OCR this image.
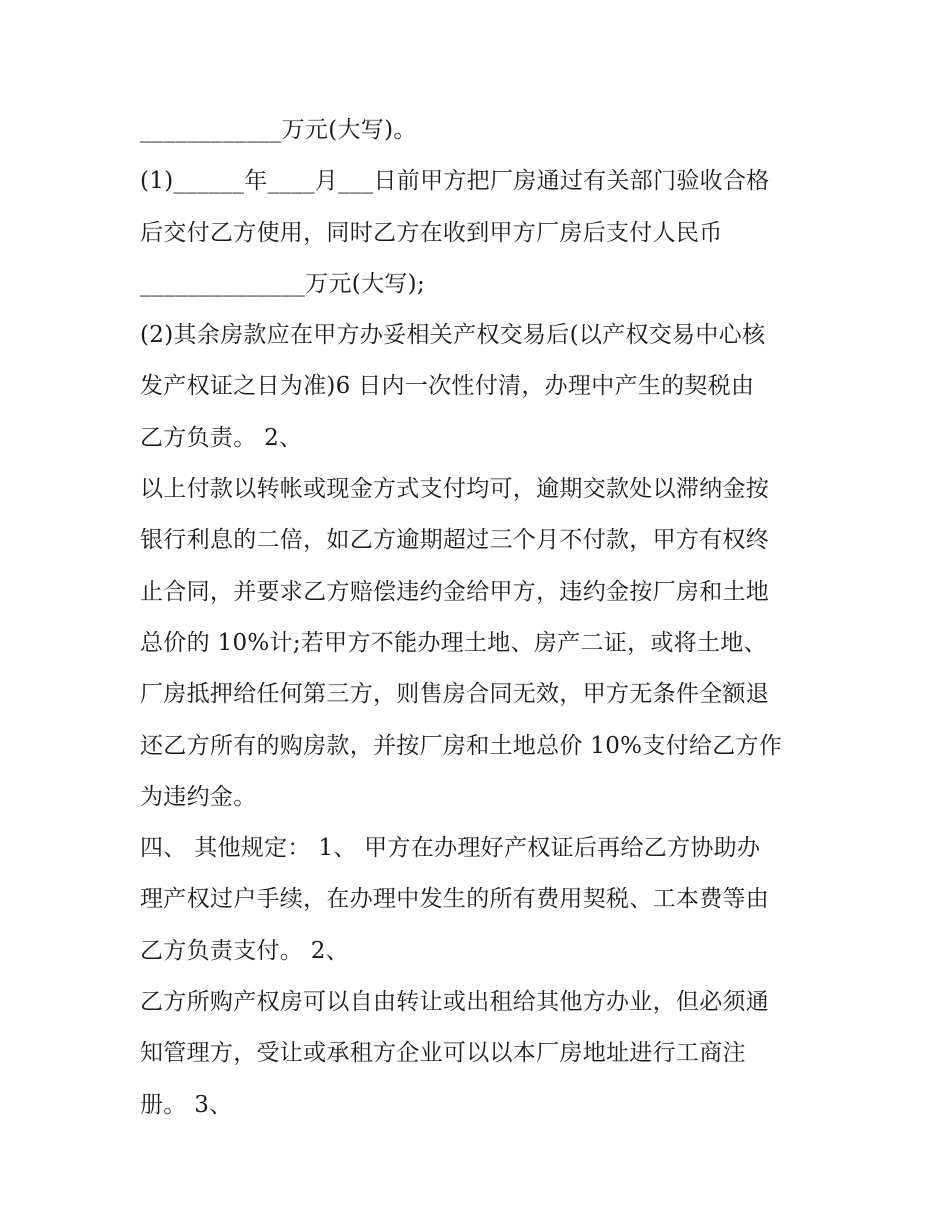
____________万元(大写)。
(1)______年____月___日前甲方把厂房通过有关部门验收合格
后交付乙方使用，同时乙方在收到甲方厂房后支付人民币
______________万元(大写);
(2)其余房款应在甲方办妥相关产权交易后(以产权交易中心核
发产权证之日为准)6 日内一次性付清，办理中产生的契税由
乙方负责。 2、
以上付款以转帐或现金方式支付均可，逾期交款处以滞纳金按
银行利息的二倍，如乙方逾期超过三个月不付款，甲方有权终
止合同，并要求乙方赔偿违约金给甲方，违约金按厂房和土地
总价的 10%计;若甲方不能办理土地、房产二证，或将土地、
厂房抵押给任何第三方，则售房合同无效，甲方无条件全额退
还乙方所有的购房款，并按厂房和土地总价 10%支付给乙方作
为违约金。
四、 其他规定： 1、 甲方在办理好产权证后再给乙方协助办
理产权过户手续，在办理中发生的所有费用契税、工本费等由
乙方负责支付。 2、
乙方所购产权房可以自由转让或出租给其他方办业，但必须通
知管理方，受让或承租方企业可以以本厂房地址进行工商注
册。 3、
